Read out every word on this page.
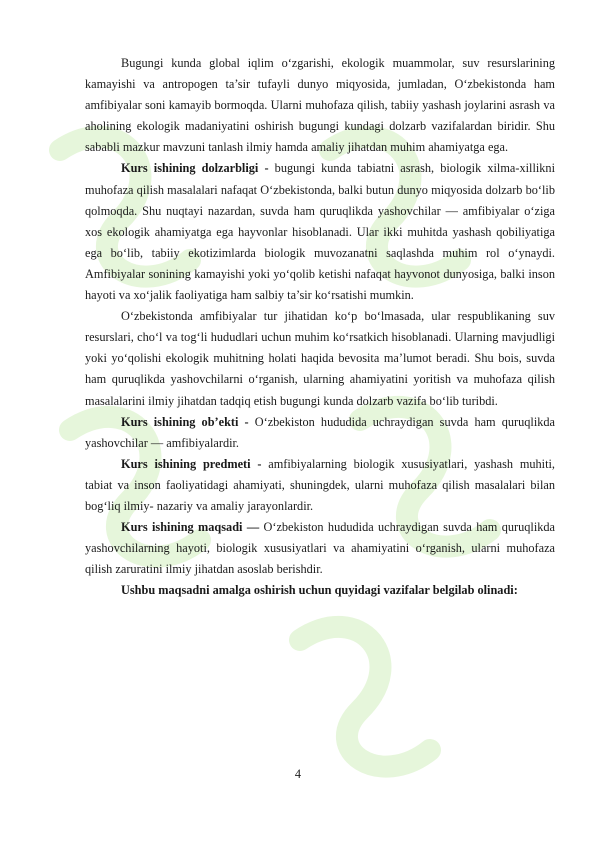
Bugungi kunda global iqlim o‘zgarishi, ekologik muammolar, suv resurslarining kamayishi va antropogen ta’sir tufayli dunyo miqyosida, jumladan, O‘zbekistonda ham amfibiyalar soni kamayib bormoqda. Ularni muhofaza qilish, tabiiy yashash joylarini asrash va aholining ekologik madaniyatini oshirish bugungi kundagi dolzarb vazifalardan biridir. Shu sababli mazkur mavzuni tanlash ilmiy hamda amaliy jihatdan muhim ahamiyatga ega.

Kurs ishining dolzarbligi - bugungi kunda tabiatni asrash, biologik xilma-xillikni muhofaza qilish masalalari nafaqat O‘zbekistonda, balki butun dunyo miqyosida dolzarb bo‘lib qolmoqda. Shu nuqtayi nazardan, suvda ham quruqlikda yashovchilar — amfibiyalar o‘ziga xos ekologik ahamiyatga ega hayvonlar hisoblanadi. Ular ikki muhitda yashash qobiliyatiga ega bo‘lib, tabiiy ekotizimlarda biologik muvozanatni saqlashda muhim rol o‘ynaydi. Amfibiyalar sonining kamayishi yoki yo‘qolib ketishi nafaqat hayvonot dunyosiga, balki inson hayoti va xo‘jalik faoliyatiga ham salbiy ta’sir ko‘rsatishi mumkin.

O‘zbekistonda amfibiyalar tur jihatidan ko‘p bo‘lmasada, ular respublikaning suv resurslari, cho‘l va tog‘li hududlari uchun muhim ko‘rsatkich hisoblanadi. Ularning mavjudligi yoki yo‘qolishi ekologik muhitning holati haqida bevosita ma’lumot beradi. Shu bois, suvda ham quruqlikda yashovchilarni o‘rganish, ularning ahamiyatini yoritish va muhofaza qilish masalalarini ilmiy jihatdan tadqiq etish bugungi kunda dolzarb vazifa bo‘lib turibdi.

Kurs ishining ob’ekti - O‘zbekiston hududida uchraydigan suvda ham quruqlikda yashovchilar — amfibiyalardir.

Kurs ishining predmeti - amfibiyalarning biologik xususiyatlari, yashash muhiti, tabiat va inson faoliyatidagi ahamiyati, shuningdek, ularni muhofaza qilish masalalari bilan bog‘liq ilmiy- nazariy va amaliy jarayonlardir.

Kurs ishining maqsadi — O‘zbekiston hududida uchraydigan suvda ham quruqlikda yashovchilarning hayoti, biologik xususiyatlari va ahamiyatini o‘rganish, ularni muhofaza qilish zaruratini ilmiy jihatdan asoslab berishdir.

Ushbu maqsadni amalga oshirish uchun quyidagi vazifalar belgilab olinadi:

4
